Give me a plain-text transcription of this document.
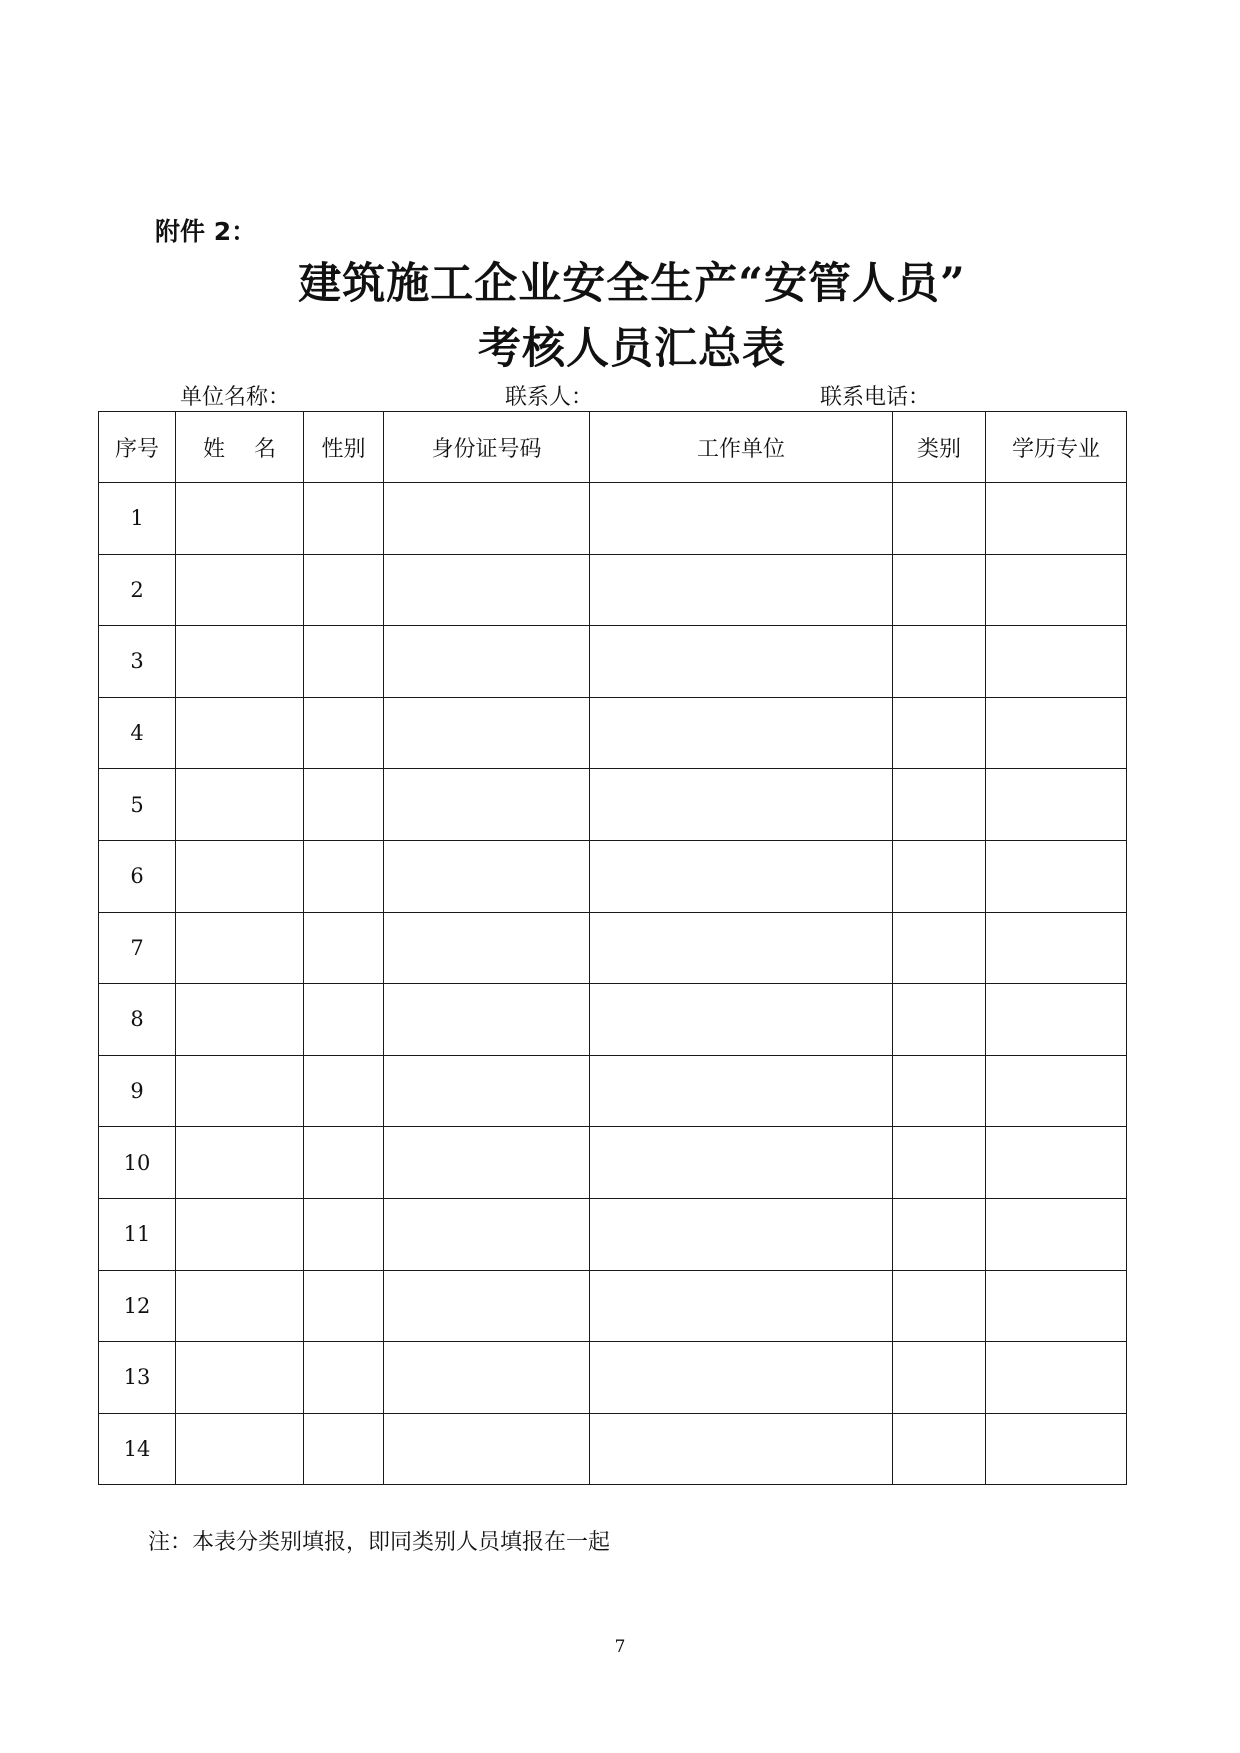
附件 2：
建筑施工企业安全生产“安管人员”
考核人员汇总表
单位名称：	联系人：	联系电话：
序号	姓　 名	性别	身份证号码	工作单位	类别	学历专业
1						
2						
3						
4						
5						
6						
7						
8						
9						
10						
11						
12						
13						
14						
注：本表分类别填报，即同类别人员填报在一起
7
